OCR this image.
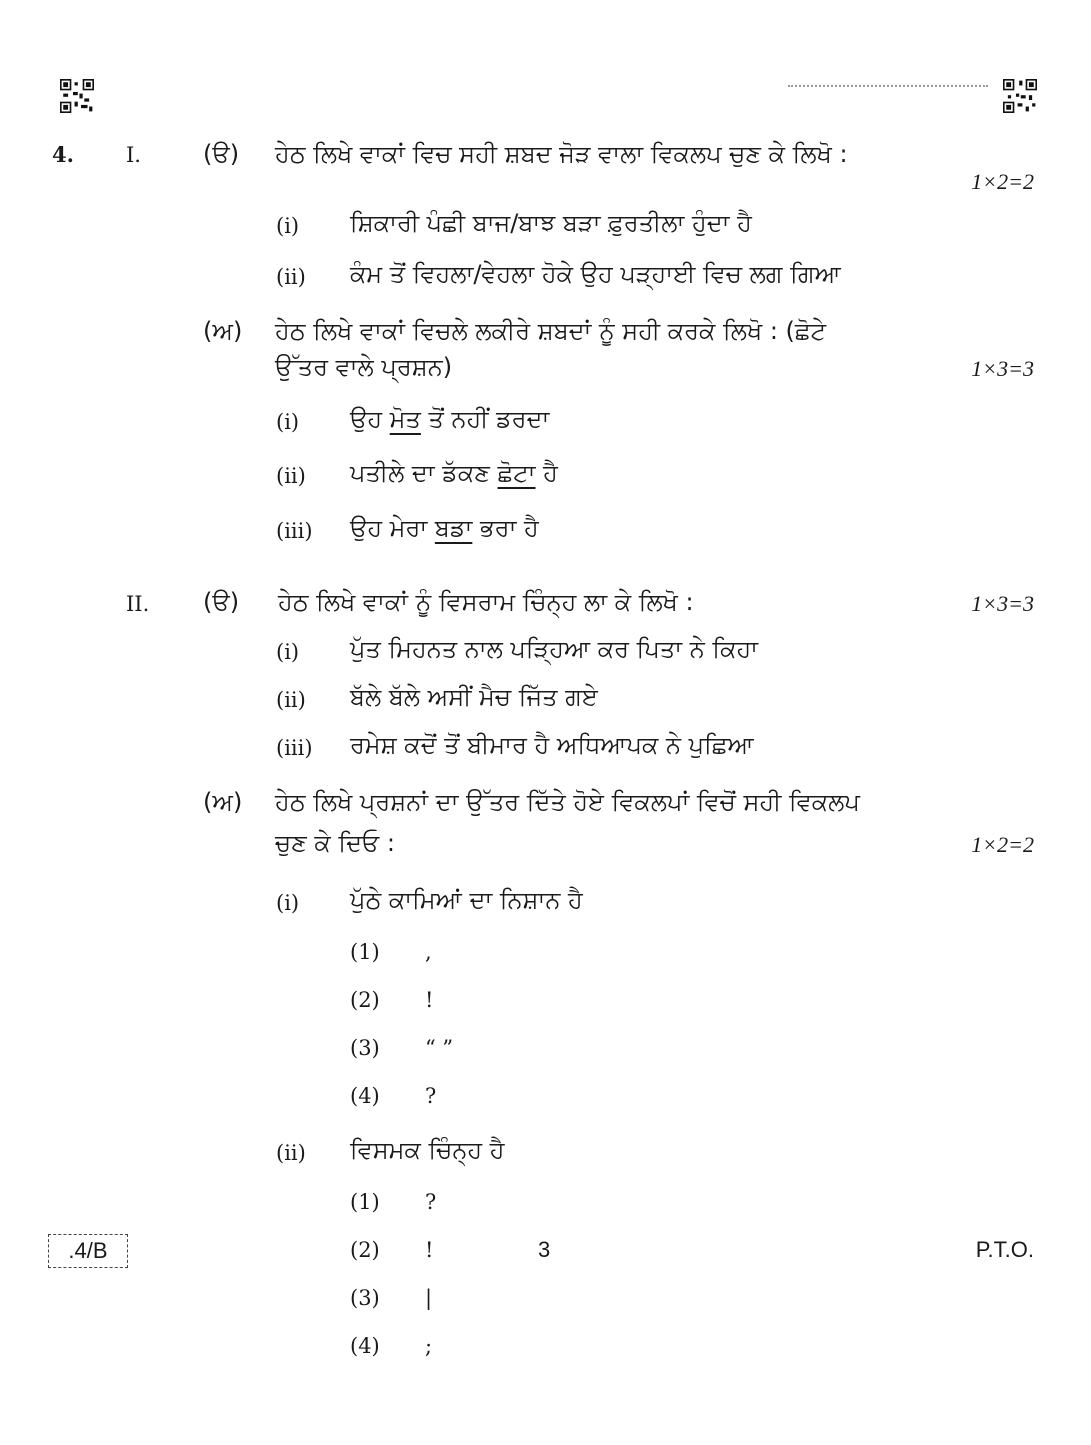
4. I.	(ੳ) ਹੇਠ ਲਿਖੇ ਵਾਕਾਂ ਵਿਚ ਸਹੀ ਸ਼ਬਦ ਜੋੜ ਵਾਲਾ ਵਿਕਲਪ ਚੁਣ ਕੇ ਲਿਖੋ :
1×2=2
(i) ਸ਼ਿਕਾਰੀ ਪੰਛੀ ਬਾਜ/ਬਾਝ ਬੜਾ ਫ਼ੁਰਤੀਲਾ ਹੁੰਦਾ ਹੈ
(ii) ਕੰਮ ਤੋਂ ਵਿਹਲਾ/ਵੇਹਲਾ ਹੋਕੇ ਉਹ ਪੜ੍ਹਾਈ ਵਿਚ ਲਗ ਗਿਆ
(ਅ) ਹੇਠ ਲਿਖੇ ਵਾਕਾਂ ਵਿਚਲੇ ਲਕੀਰੇ ਸ਼ਬਦਾਂ ਨੂੰ ਸਹੀ ਕਰਕੇ ਲਿਖੋ : (ਛੋਟੇ
ਉੱਤਰ ਵਾਲੇ ਪ੍ਰਸ਼ਨ)	1×3=3
(i) ਉਹ ਮੋਤ ਤੋਂ ਨਹੀਂ ਡਰਦਾ
(ii) ਪਤੀਲੇ ਦਾ ਡੱਕਣ ਛੋਟਾ ਹੈ
(iii) ਉਹ ਮੇਰਾ ਬਡਾ ਭਰਾ ਹੈ
II. (ੳ) ਹੇਠ ਲਿਖੇ ਵਾਕਾਂ ਨੂੰ ਵਿਸਰਾਮ ਚਿੰਨ੍ਹ ਲਾ ਕੇ ਲਿਖੋ :	1×3=3
(i) ਪੁੱਤ ਮਿਹਨਤ ਨਾਲ ਪੜ੍ਹਿਆ ਕਰ ਪਿਤਾ ਨੇ ਕਿਹਾ
(ii) ਬੱਲੇ ਬੱਲੇ ਅਸੀਂ ਮੈਚ ਜਿੱਤ ਗਏ
(iii) ਰਮੇਸ਼ ਕਦੋਂ ਤੋਂ ਬੀਮਾਰ ਹੈ ਅਧਿਆਪਕ ਨੇ ਪੁਛਿਆ
(ਅ) ਹੇਠ ਲਿਖੇ ਪ੍ਰਸ਼ਨਾਂ ਦਾ ਉੱਤਰ ਦਿੱਤੇ ਹੋਏ ਵਿਕਲਪਾਂ ਵਿਚੋਂ ਸਹੀ ਵਿਕਲਪ
ਚੁਣ ਕੇ ਦਿਓ :	1×2=2
(i) ਪੁੱਠੇ ਕਾਮਿਆਂ ਦਾ ਨਿਸ਼ਾਨ ਹੈ
(1) ,
(2) !
(3) “ ”
(4) ?
(ii) ਵਿਸਮਕ ਚਿੰਨ੍ਹ ਹੈ
(1) ?
(2) !
(3) |
(4) ;
.4/B	3	P.T.O.
